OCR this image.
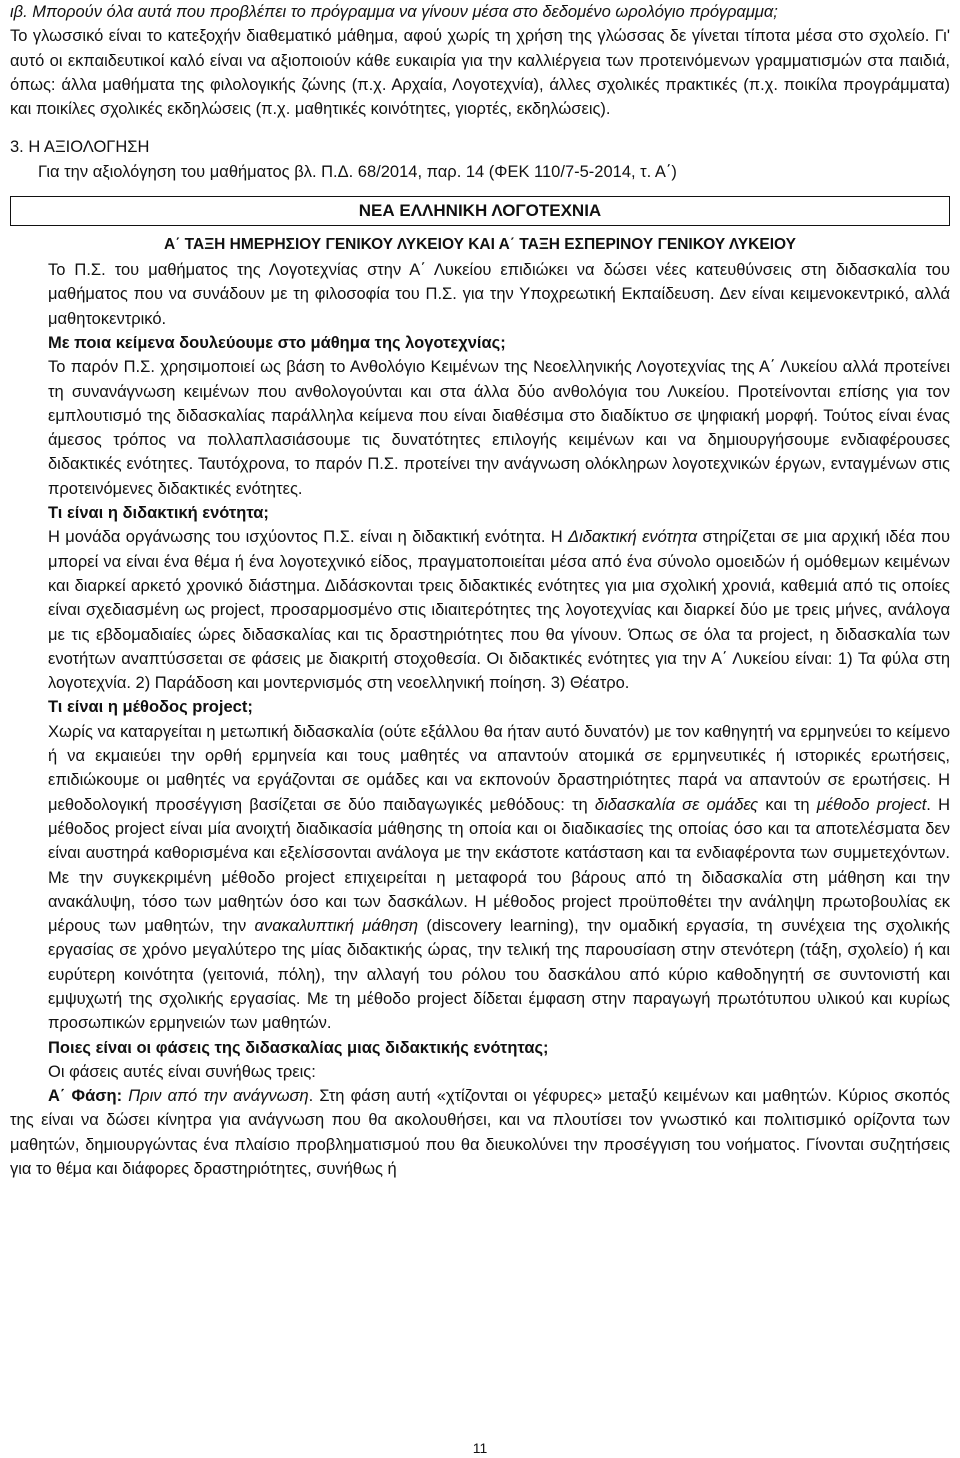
ιβ. Μπορούν όλα αυτά που προβλέπει το πρόγραμμα να γίνουν μέσα στο δεδομένο ωρολόγιο πρόγραμμα;

Το γλωσσικό είναι το κατεξοχήν διαθεματικό μάθημα, αφού χωρίς τη χρήση της γλώσσας δε γίνεται τίποτα μέσα στο σχολείο. Γι' αυτό οι εκπαιδευτικοί καλό είναι να αξιοποιούν κάθε ευκαιρία για την καλλιέργεια των προτεινόμενων γραμματισμών στα παιδιά, όπως: άλλα μαθήματα της φιλολογικής ζώνης (π.χ. Αρχαία, Λογοτεχνία), άλλες σχολικές πρακτικές (π.χ. ποικίλα προγράμματα) και ποικίλες σχολικές εκδηλώσεις (π.χ. μαθητικές κοινότητες, γιορτές, εκδηλώσεις).

3. Η ΑΞΙΟΛΟΓΗΣΗ

Για την αξιολόγηση του μαθήματος βλ. Π.Δ. 68/2014, παρ. 14 (ΦΕΚ 110/7-5-2014, τ. Α΄)

ΝΕΑ ΕΛΛΗΝΙΚΗ ΛΟΓΟΤΕΧΝΙΑ
Α΄ ΤΑΞΗ ΗΜΕΡΗΣΙΟΥ ΓΕΝΙΚΟΥ ΛΥΚΕΙΟΥ ΚΑΙ Α΄ ΤΑΞΗ ΕΣΠΕΡΙΝΟΥ ΓΕΝΙΚΟΥ ΛΥΚΕΙΟΥ

Το Π.Σ. του μαθήματος της Λογοτεχνίας στην Α΄ Λυκείου επιδιώκει να δώσει νέες κατευθύνσεις στη διδασκαλία του μαθήματος που να συνάδουν με τη φιλοσοφία του Π.Σ. για την Υποχρεωτική Εκπαίδευση. Δεν είναι κειμενοκεντρικό, αλλά μαθητοκεντρικό.

Με ποια κείμενα δουλεύουμε στο μάθημα της λογοτεχνίας;

Το παρόν Π.Σ. χρησιμοποιεί ως βάση το Ανθολόγιο Κειμένων της Νεοελληνικής Λογοτεχνίας της Α΄ Λυκείου αλλά προτείνει τη συνανάγνωση κειμένων που ανθολογούνται και στα άλλα δύο ανθολόγια του Λυκείου. Προτείνονται επίσης για τον εμπλουτισμό της διδασκαλίας παράλληλα κείμενα που είναι διαθέσιμα στο διαδίκτυο σε ψηφιακή μορφή. Τούτος είναι ένας άμεσος τρόπος να πολλαπλασιάσουμε τις δυνατότητες επιλογής κειμένων και να δημιουργήσουμε ενδιαφέρουσες διδακτικές ενότητες. Ταυτόχρονα, το παρόν Π.Σ. προτείνει την ανάγνωση ολόκληρων λογοτεχνικών έργων, ενταγμένων στις προτεινόμενες διδακτικές ενότητες.

Τι είναι η διδακτική ενότητα;

Η μονάδα οργάνωσης του ισχύοντος Π.Σ. είναι η διδακτική ενότητα. Η Διδακτική ενότητα στηρίζεται σε μια αρχική ιδέα που μπορεί να είναι ένα θέμα ή ένα λογοτεχνικό είδος, πραγματοποιείται μέσα από ένα σύνολο ομοειδών ή ομόθεμων κειμένων και διαρκεί αρκετό χρονικό διάστημα. Διδάσκονται τρεις διδακτικές ενότητες για μια σχολική χρονιά, καθεμιά από τις οποίες είναι σχεδιασμένη ως project, προσαρμοσμένο στις ιδιαιτερότητες της λογοτεχνίας και διαρκεί δύο με τρεις μήνες, ανάλογα με τις εβδομαδιαίες ώρες διδασκαλίας και τις δραστηριότητες που θα γίνουν. Όπως σε όλα τα project, η διδασκαλία των ενοτήτων αναπτύσσεται σε φάσεις με διακριτή στοχοθεσία. Οι διδακτικές ενότητες για την Α΄ Λυκείου είναι: 1) Τα φύλα στη λογοτεχνία. 2) Παράδοση και μοντερνισμός στη νεοελληνική ποίηση. 3) Θέατρο.

Τι είναι η μέθοδος project;

Χωρίς να καταργείται η μετωπική διδασκαλία (ούτε εξάλλου θα ήταν αυτό δυνατόν) με τον καθηγητή να ερμηνεύει το κείμενο ή να εκμαιεύει την ορθή ερμηνεία και τους μαθητές να απαντούν ατομικά σε ερμηνευτικές ή ιστορικές ερωτήσεις, επιδιώκουμε οι μαθητές να εργάζονται σε ομάδες και να εκπονούν δραστηριότητες παρά να απαντούν σε ερωτήσεις. Η μεθοδολογική προσέγγιση βασίζεται σε δύο παιδαγωγικές μεθόδους: τη διδασκαλία σε ομάδες και τη μέθοδο project. Η μέθοδος project είναι μία ανοιχτή διαδικασία μάθησης τη οποία και οι διαδικασίες της οποίας όσο και τα αποτελέσματα δεν είναι αυστηρά καθορισμένα και εξελίσσονται ανάλογα με την εκάστοτε κατάσταση και τα ενδιαφέροντα των συμμετεχόντων. Με την συγκεκριμένη μέθοδο project επιχειρείται η μεταφορά του βάρους από τη διδασκαλία στη μάθηση και την ανακάλυψη, τόσο των μαθητών όσο και των δασκάλων. Η μέθοδος project προϋποθέτει την ανάληψη πρωτοβουλίας εκ μέρους των μαθητών, την ανακαλυπτική μάθηση (discovery learning), την ομαδική εργασία, τη συνέχεια της σχολικής εργασίας σε χρόνο μεγαλύτερο της μίας διδακτικής ώρας, την τελική της παρουσίαση στην στενότερη (τάξη, σχολείο) ή και ευρύτερη κοινότητα (γειτονιά, πόλη), την αλλαγή του ρόλου του δασκάλου από κύριο καθοδηγητή σε συντονιστή και εμψυχωτή της σχολικής εργασίας. Με τη μέθοδο project δίδεται έμφαση στην παραγωγή πρωτότυπου υλικού και κυρίως προσωπικών ερμηνειών των μαθητών.

Ποιες είναι οι φάσεις της διδασκαλίας μιας διδακτικής ενότητας;

Οι φάσεις αυτές είναι συνήθως τρεις:

Α΄ Φάση: Πριν από την ανάγνωση. Στη φάση αυτή «χτίζονται οι γέφυρες» μεταξύ κειμένων και μαθητών. Κύριος σκοπός της είναι να δώσει κίνητρα για ανάγνωση που θα ακολουθήσει, και να πλουτίσει τον γνωστικό και πολιτισμικό ορίζοντα των μαθητών, δημιουργώντας ένα πλαίσιο προβληματισμού που θα διευκολύνει την προσέγγιση του νοήματος. Γίνονται συζητήσεις για το θέμα και διάφορες δραστηριότητες, συνήθως ή

11
